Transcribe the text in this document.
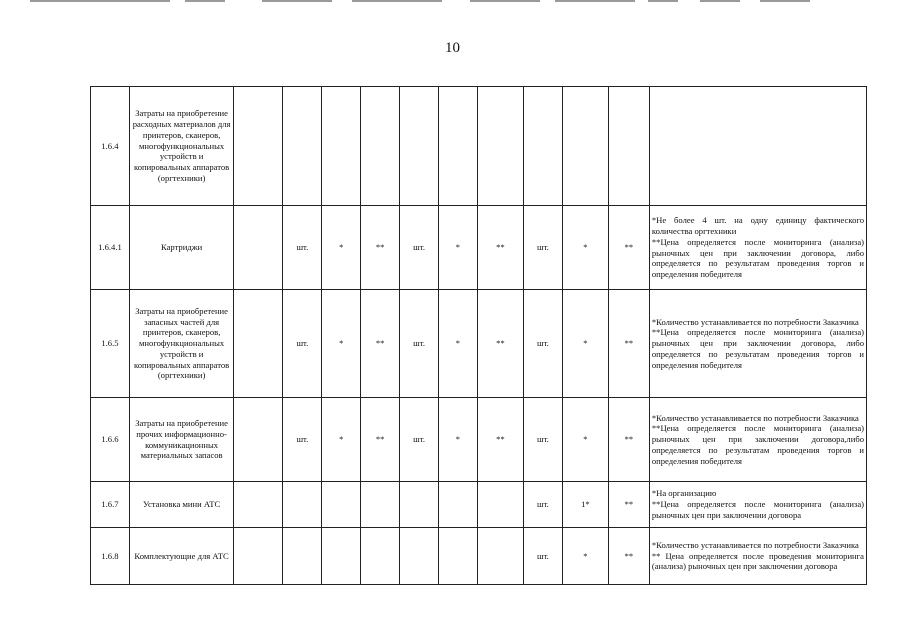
10
1.6.4	Затраты на приобретение расходных материалов для принтеров, сканеров, многофункциональных устройств и копировальных аппаратов (оргтехники)											
1.6.4.1	Картриджи		шт.	*	**	шт.	*	**	шт.	*	**	*Не более 4 шт. на одну единицу фактического количества оргтехники
**Цена определяется после мониторинга (анализа) рыночных цен при заключении договора, либо определяется по результатам проведения торгов и определения победителя

1.6.5	Затраты на приобретение запасных частей для принтеров, сканеров, многофункциональных устройств и копировальных аппаратов (оргтехники)		шт.	*	**	шт.	*	**	шт.	*	**	*Количество устанавливается по потребности Заказчика
**Цена определяется после мониторинга (анализа) рыночных цен при заключении договора, либо определяется по результатам проведения торгов и определения победителя

1.6.6	Затраты на приобретение прочих информационно-коммуникационных материальных запасов		шт.	*	**	шт.	*	**	шт.	*	**	*Количество устанавливается по потребности Заказчика
**Цена определяется после мониторинга (анализа) рыночных цен при заключении договора,либо определяется по результатам проведения торгов и определения победителя

1.6.7	Установка мини АТС								шт.	1*	**	*На организацию
**Цена определяется после мониторинга (анализа) рыночных цен при заключении договора

1.6.8	Комплектующие для АТС								шт.	*	**	*Количество устанавливается по потребности Заказчика
** Цена определяется после проведения мониторинга (анализа) рыночных цен при заключении договора
